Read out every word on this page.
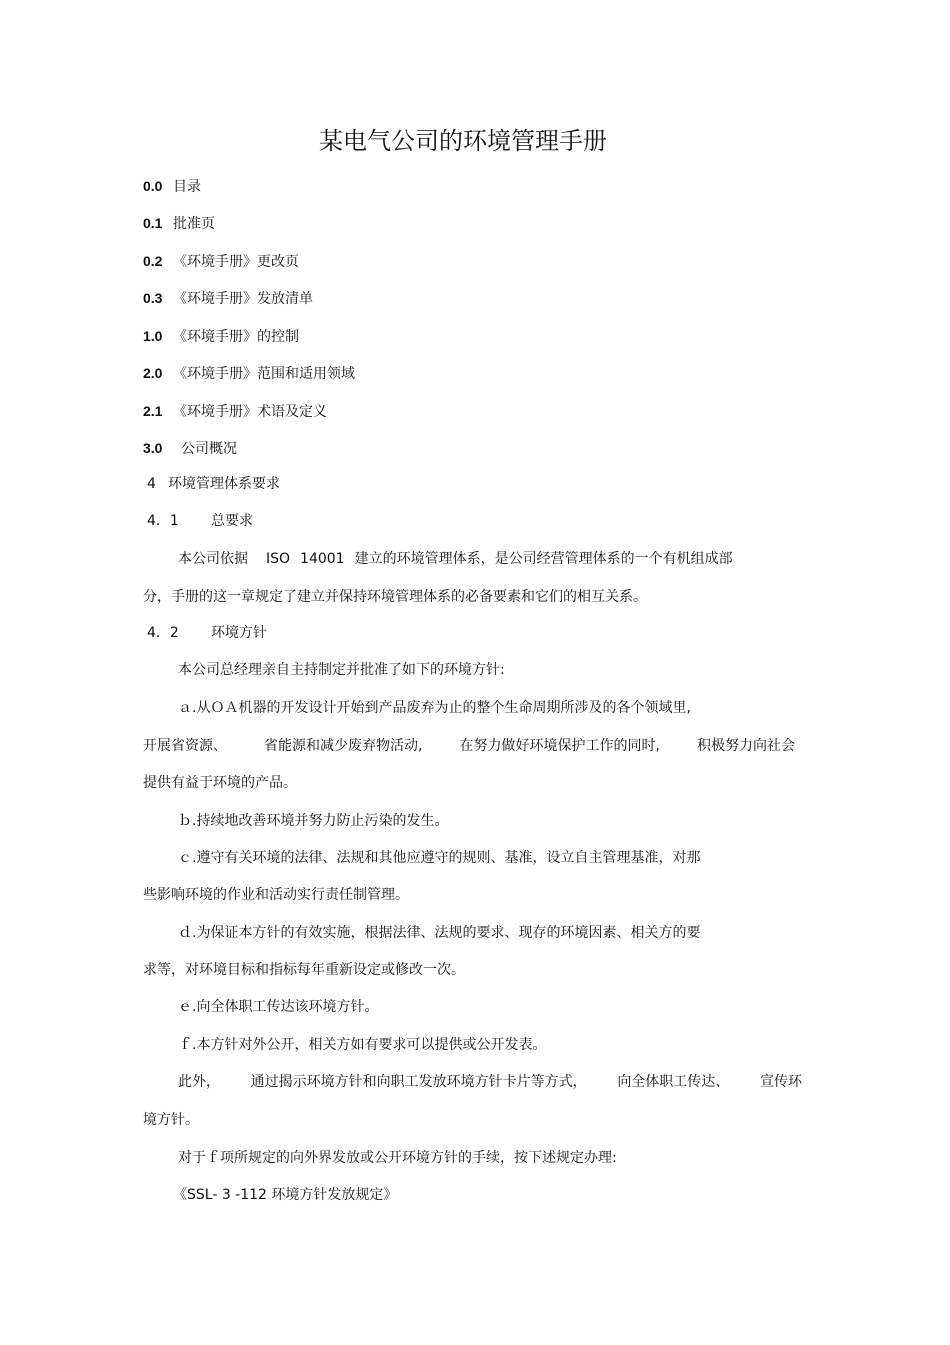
某电气公司的环境管理手册
0.0 目录
0.1 批准页
0.2 《环境手册》更改页
0.3 《环境手册》发放清单
1.0 《环境手册》的控制
2.0 《环境手册》范围和适用领域
2.1 《环境手册》术语及定义
3.0 公司概况
4 环境管理体系要求
4．1 总要求
本公司依据 ISO 14001 建立的环境管理体系，是公司经营管理体系的一个有机组成部
分，手册的这一章规定了建立并保持环境管理体系的必备要素和它们的相互关系。
4．2 环境方针
本公司总经理亲自主持制定并批准了如下的环境方针:
ａ.从ＯＡ机器的开发设计开始到产品废弃为止的整个生命周期所涉及的各个领域里,
开展省资源、	省能源和减少废弃物活动,	在努力做好环境保护工作的同时,	积极努力向社会
提供有益于环境的产品。
ｂ.持续地改善环境并努力防止污染的发生。
ｃ.遵守有关环境的法律、法规和其他应遵守的规则、基准，设立自主管理基准，对那
些影响环境的作业和活动实行责任制管理。
ｄ.为保证本方针的有效实施，根据法律、法规的要求、现存的环境因素、相关方的要
求等，对环境目标和指标每年重新设定或修改一次。
ｅ.向全体职工传达该环境方针。
ｆ.本方针对外公开，相关方如有要求可以提供或公开发表。
此外， 通过揭示环境方针和向职工发放环境方针卡片等方式， 向全体职工传达、 宣传环
境方针。
对于ｆ项所规定的向外界发放或公开环境方针的手续，按下述规定办理:
《SSL- 3 -112 环境方针发放规定》
